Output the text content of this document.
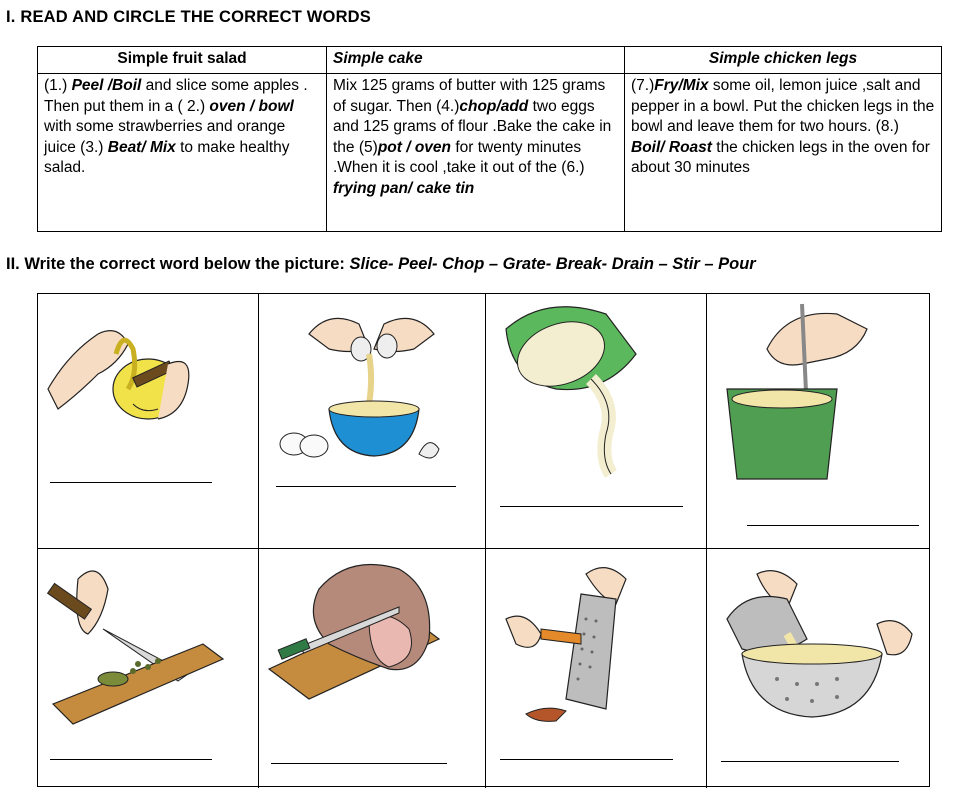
I. READ AND CIRCLE THE CORRECT WORDS
Simple fruit salad	Simple cake	Simple chicken legs
(1.) Peel /Boil and slice some apples . Then put them in a ( 2.) oven / bowl with some strawberries and orange juice (3.) Beat/ Mix to make healthy salad.	Mix 125 grams of butter with 125 grams of sugar. Then (4.)chop/add two eggs and 125 grams of flour .Bake the cake in the (5)pot / oven for twenty minutes .When it is cool ,take it out of the (6.) frying pan/ cake tin	(7.)Fry/Mix some oil, lemon juice ,salt and pepper in a bowl. Put the chicken legs in the bowl and leave them for two hours. (8.) Boil/ Roast the chicken legs in the oven for about 30 minutes
II. Write the correct word below the picture: Slice- Peel- Chop – Grate- Break- Drain – Stir – Pour
